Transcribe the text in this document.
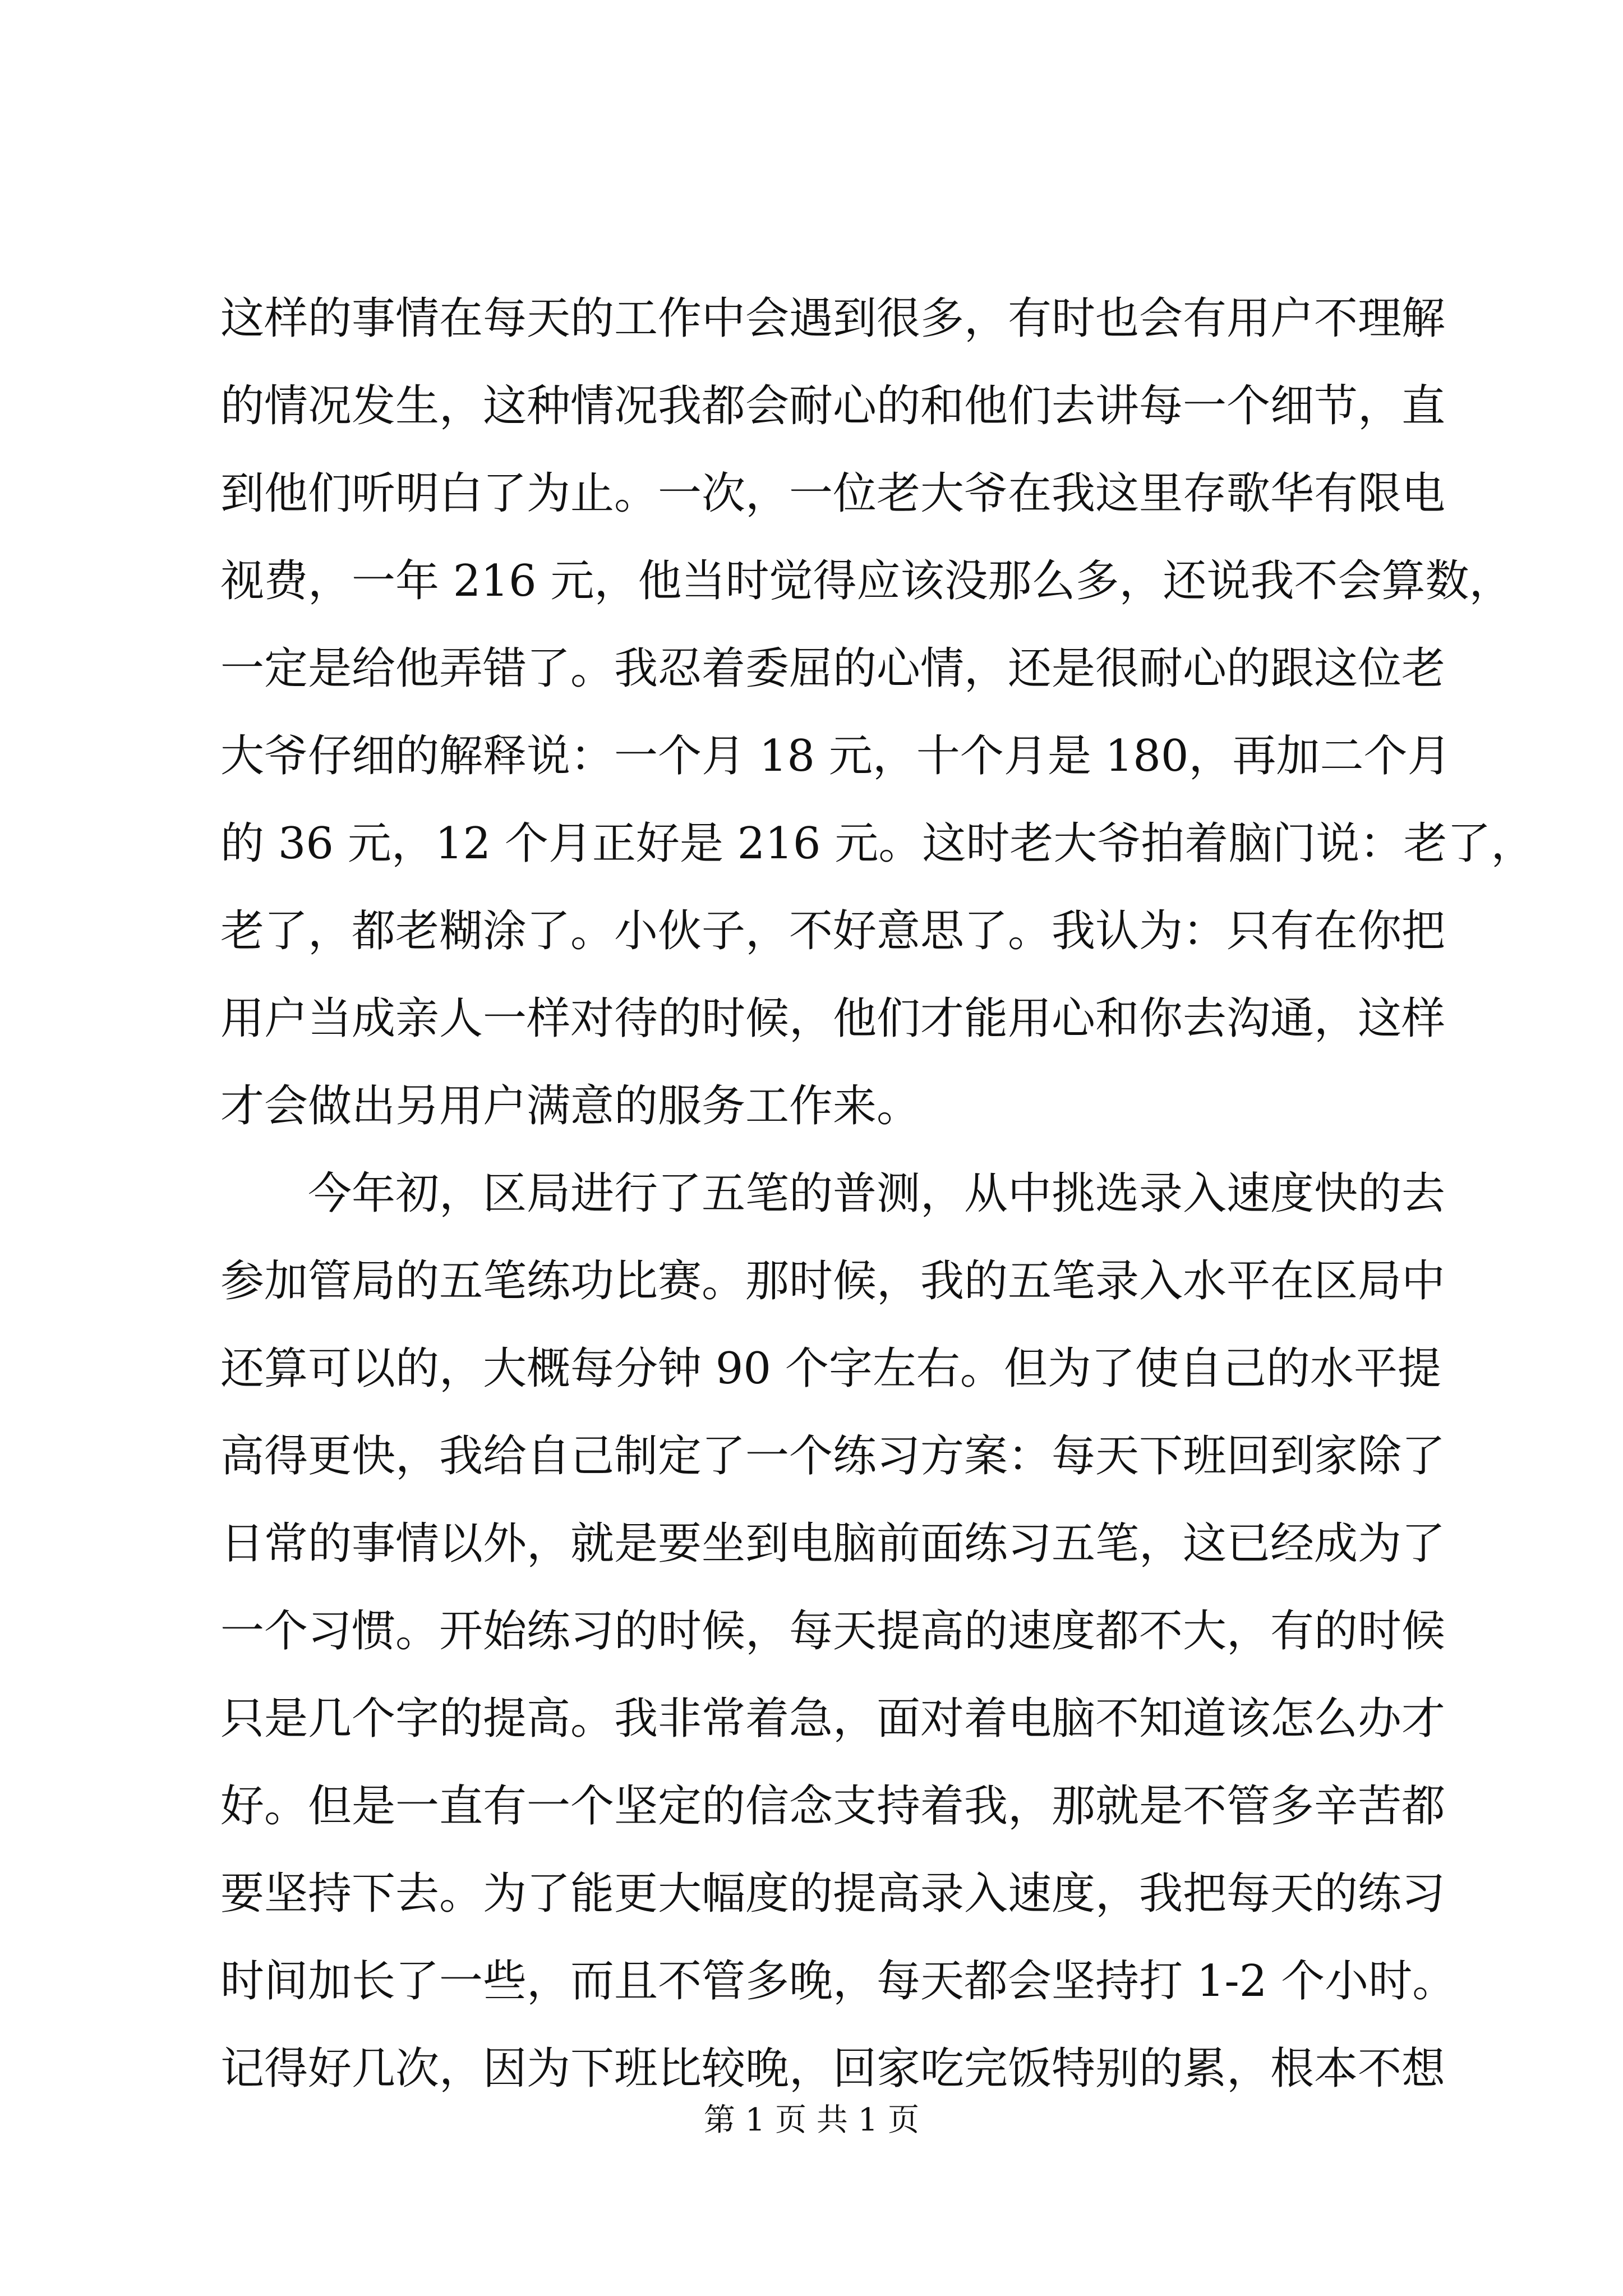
这样的事情在每天的工作中会遇到很多，有时也会有用户不理解
的情况发生，这种情况我都会耐心的和他们去讲每一个细节，直
到他们听明白了为止。一次，一位老大爷在我这里存歌华有限电
视费，一年 216 元，他当时觉得应该没那么多，还说我不会算数，
一定是给他弄错了。我忍着委屈的心情，还是很耐心的跟这位老
大爷仔细的解释说：一个月 18 元，十个月是 180，再加二个月
的 36 元，12 个月正好是 216 元。这时老大爷拍着脑门说：老了，
老了，都老糊涂了。小伙子，不好意思了。我认为：只有在你把
用户当成亲人一样对待的时候，他们才能用心和你去沟通，这样
才会做出另用户满意的服务工作来。
今年初，区局进行了五笔的普测，从中挑选录入速度快的去
参加管局的五笔练功比赛。那时候，我的五笔录入水平在区局中
还算可以的，大概每分钟 90 个字左右。但为了使自己的水平提
高得更快，我给自己制定了一个练习方案：每天下班回到家除了
日常的事情以外，就是要坐到电脑前面练习五笔，这已经成为了
一个习惯。开始练习的时候，每天提高的速度都不大，有的时候
只是几个字的提高。我非常着急，面对着电脑不知道该怎么办才
好。但是一直有一个坚定的信念支持着我，那就是不管多辛苦都
要坚持下去。为了能更大幅度的提高录入速度，我把每天的练习
时间加长了一些，而且不管多晚，每天都会坚持打 1-2 个小时。
记得好几次，因为下班比较晚，回家吃完饭特别的累，根本不想
第 1 页 共 1 页
